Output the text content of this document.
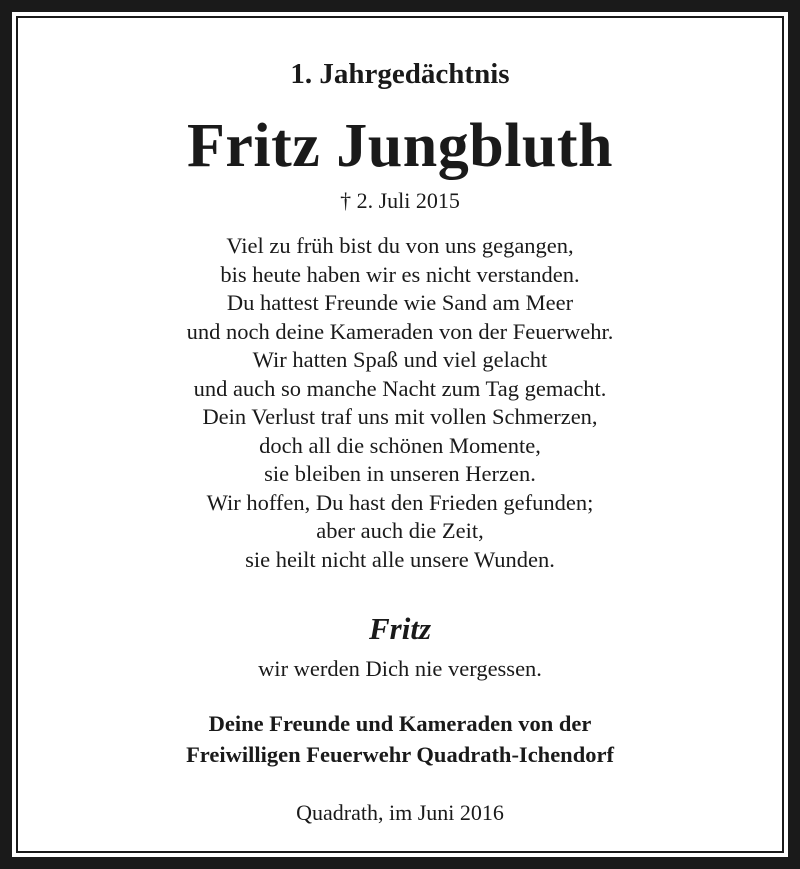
1. Jahrgedächtnis
Fritz Jungbluth
† 2. Juli 2015
Viel zu früh bist du von uns gegangen,
bis heute haben wir es nicht verstanden.
Du hattest Freunde wie Sand am Meer
und noch deine Kameraden von der Feuerwehr.
Wir hatten Spaß und viel gelacht
und auch so manche Nacht zum Tag gemacht.
Dein Verlust traf uns mit vollen Schmerzen,
doch all die schönen Momente,
sie bleiben in unseren Herzen.
Wir hoffen, Du hast den Frieden gefunden;
aber auch die Zeit,
sie heilt nicht alle unsere Wunden.
Fritz
wir werden Dich nie vergessen.
Deine Freunde und Kameraden von der
Freiwilligen Feuerwehr Quadrath-Ichendorf
Quadrath, im Juni 2016
